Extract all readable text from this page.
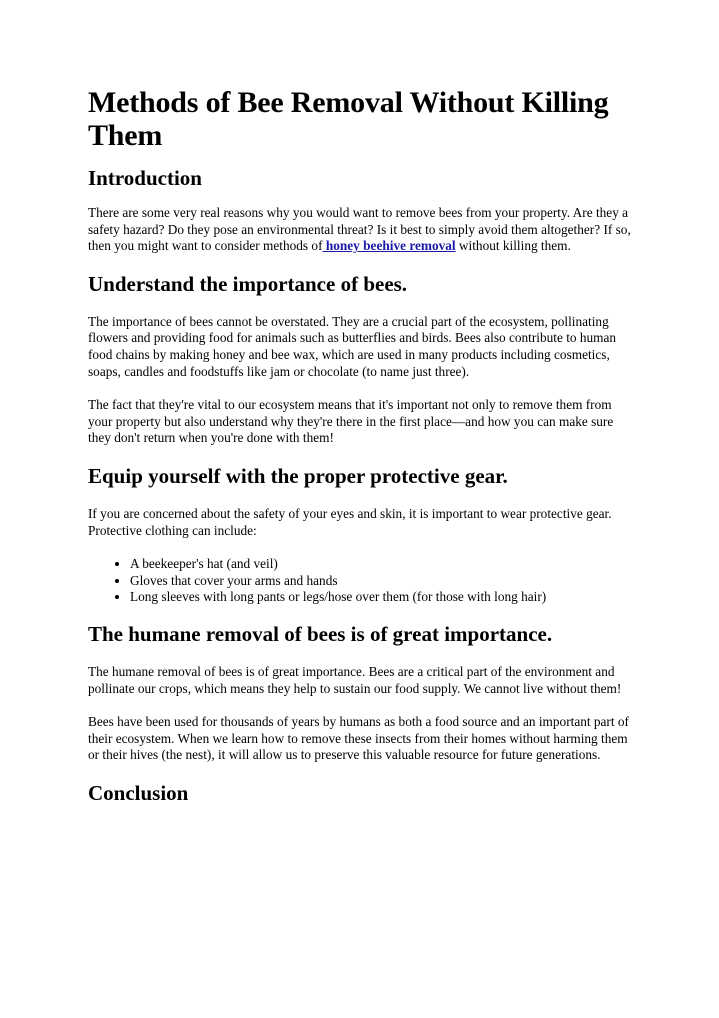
Methods of Bee Removal Without Killing Them
Introduction

There are some very real reasons why you would want to remove bees from your property. Are they a safety hazard? Do they pose an environmental threat? Is it best to simply avoid them altogether? If so, then you might want to consider methods of honey beehive removal without killing them.

Understand the importance of bees.

The importance of bees cannot be overstated. They are a crucial part of the ecosystem, pollinating flowers and providing food for animals such as butterflies and birds. Bees also contribute to human food chains by making honey and bee wax, which are used in many products including cosmetics, soaps, candles and foodstuffs like jam or chocolate (to name just three).

The fact that they're vital to our ecosystem means that it's important not only to remove them from your property but also understand why they're there in the first place—and how you can make sure they don't return when you're done with them!

Equip yourself with the proper protective gear.

If you are concerned about the safety of your eyes and skin, it is important to wear protective gear. Protective clothing can include:

• A beekeeper's hat (and veil)
• Gloves that cover your arms and hands
• Long sleeves with long pants or legs/hose over them (for those with long hair)
The humane removal of bees is of great importance.

The humane removal of bees is of great importance. Bees are a critical part of the environment and pollinate our crops, which means they help to sustain our food supply. We cannot live without them!

Bees have been used for thousands of years by humans as both a food source and an important part of their ecosystem. When we learn how to remove these insects from their homes without harming them or their hives (the nest), it will allow us to preserve this valuable resource for future generations.

Conclusion
